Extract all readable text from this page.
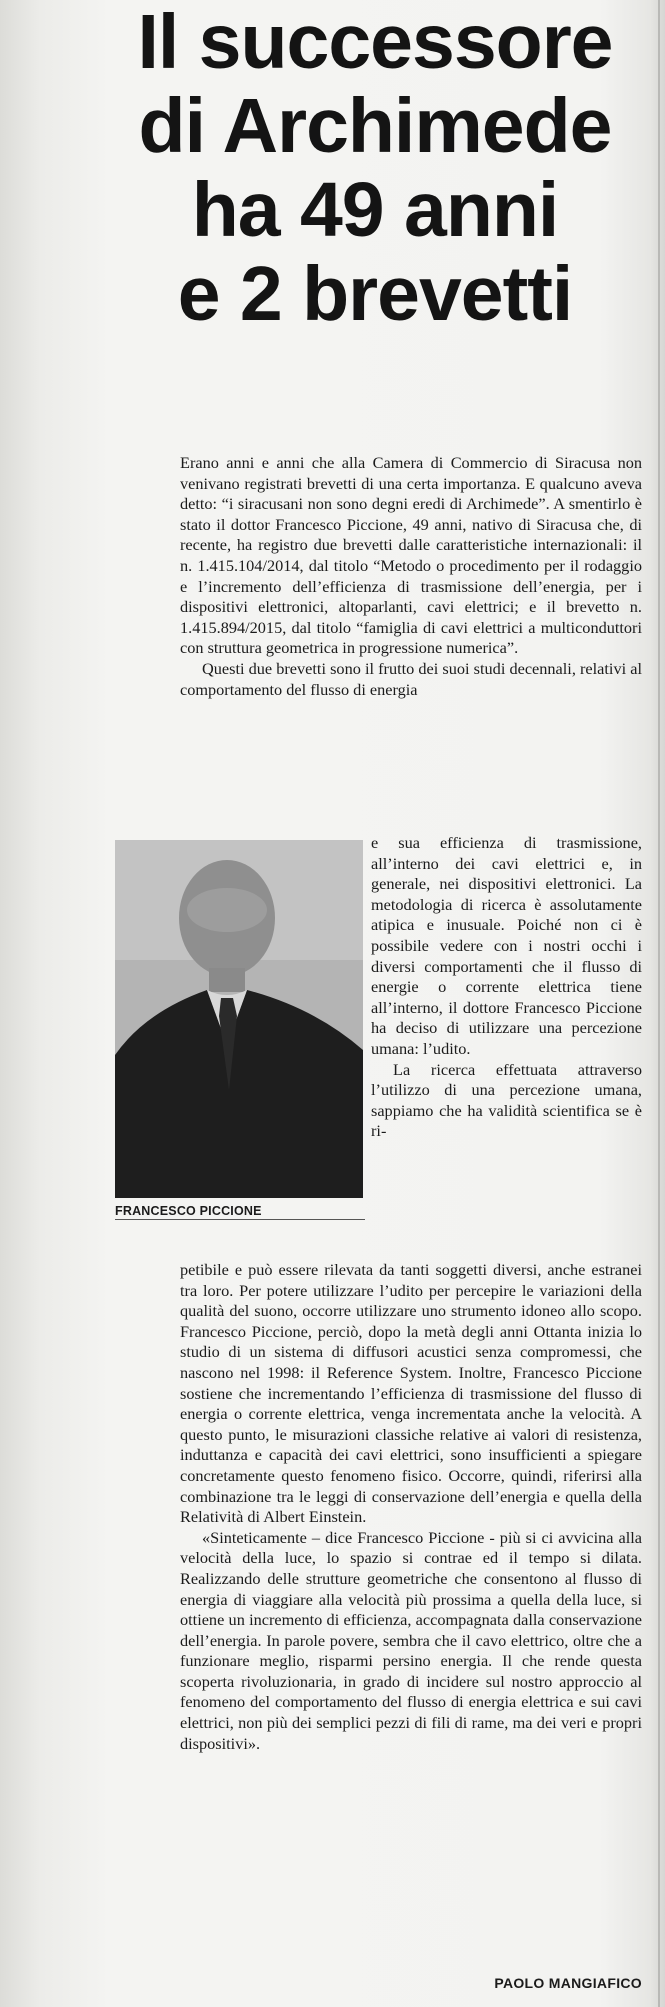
Il successore
di Archimede
ha 49 anni
e 2 brevetti

Erano anni e anni che alla Camera di Commercio di Siracusa non venivano registrati brevetti di una certa importanza. E qualcuno aveva detto: “i siracusani non sono degni eredi di Archimede”. A smentirlo è stato il dottor Francesco Piccione, 49 anni, nativo di Siracusa che, di recente, ha registro due brevetti dalle caratteristiche internazionali: il n. 1.415.104/2014, dal titolo “Metodo o procedimento per il rodaggio e l’incremento dell’efficienza di trasmissione dell’energia, per i dispositivi elettronici, altoparlanti, cavi elettrici; e il brevetto n. 1.415.894/2015, dal titolo “famiglia di cavi elettrici a multiconduttori con struttura geometrica in progressione numerica”.

Questi due brevetti sono il frutto dei suoi studi decennali, relativi al comportamento del flusso di energia

FRANCESCO PICCIONE

e sua efficienza di trasmissione, all’interno dei cavi elettrici e, in generale, nei dispositivi elettronici. La metodologia di ricerca è assolutamente atipica e inusuale. Poiché non ci è possibile vedere con i nostri occhi i diversi comportamenti che il flusso di energie o corrente elettrica tiene all’interno, il dottore Francesco Piccione ha deciso di utilizzare una percezione umana: l’udito.

La ricerca effettuata attraverso l’utilizzo di una percezione umana, sappiamo che ha validità scientifica se è ri-

petibile e può essere rilevata da tanti soggetti diversi, anche estranei tra loro. Per potere utilizzare l’udito per percepire le variazioni della qualità del suono, occorre utilizzare uno strumento idoneo allo scopo. Francesco Piccione, perciò, dopo la metà degli anni Ottanta inizia lo studio di un sistema di diffusori acustici senza compromessi, che nascono nel 1998: il Reference System. Inoltre, Francesco Piccione sostiene che incrementando l’efficienza di trasmissione del flusso di energia o corrente elettrica, venga incrementata anche la velocità. A questo punto, le misurazioni classiche relative ai valori di resistenza, induttanza e capacità dei cavi elettrici, sono insufficienti a spiegare concretamente questo fenomeno fisico. Occorre, quindi, riferirsi alla combinazione tra le leggi di conservazione dell’energia e quella della Relatività di Albert Einstein.

«Sinteticamente – dice Francesco Piccione - più si ci avvicina alla velocità della luce, lo spazio si contrae ed il tempo si dilata. Realizzando delle strutture geometriche che consentono al flusso di energia di viaggiare alla velocità più prossima a quella della luce, si ottiene un incremento di efficienza, accompagnata dalla conservazione dell’energia. In parole povere, sembra che il cavo elettrico, oltre che a funzionare meglio, risparmi persino energia. Il che rende questa scoperta rivoluzionaria, in grado di incidere sul nostro approccio al fenomeno del comportamento del flusso di energia elettrica e sui cavi elettrici, non più dei semplici pezzi di fili di rame, ma dei veri e propri dispositivi».

PAOLO MANGIAFICO
